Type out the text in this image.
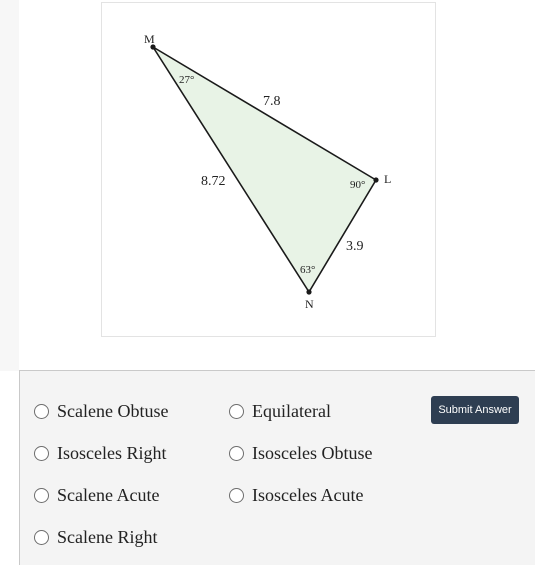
M
L
N
7.8
8.72
3.9
27°
90°
63°
Scalene Obtuse
Isosceles Right
Scalene Acute
Scalene Right
Equilateral
Isosceles Obtuse
Isosceles Acute
Submit Answer
